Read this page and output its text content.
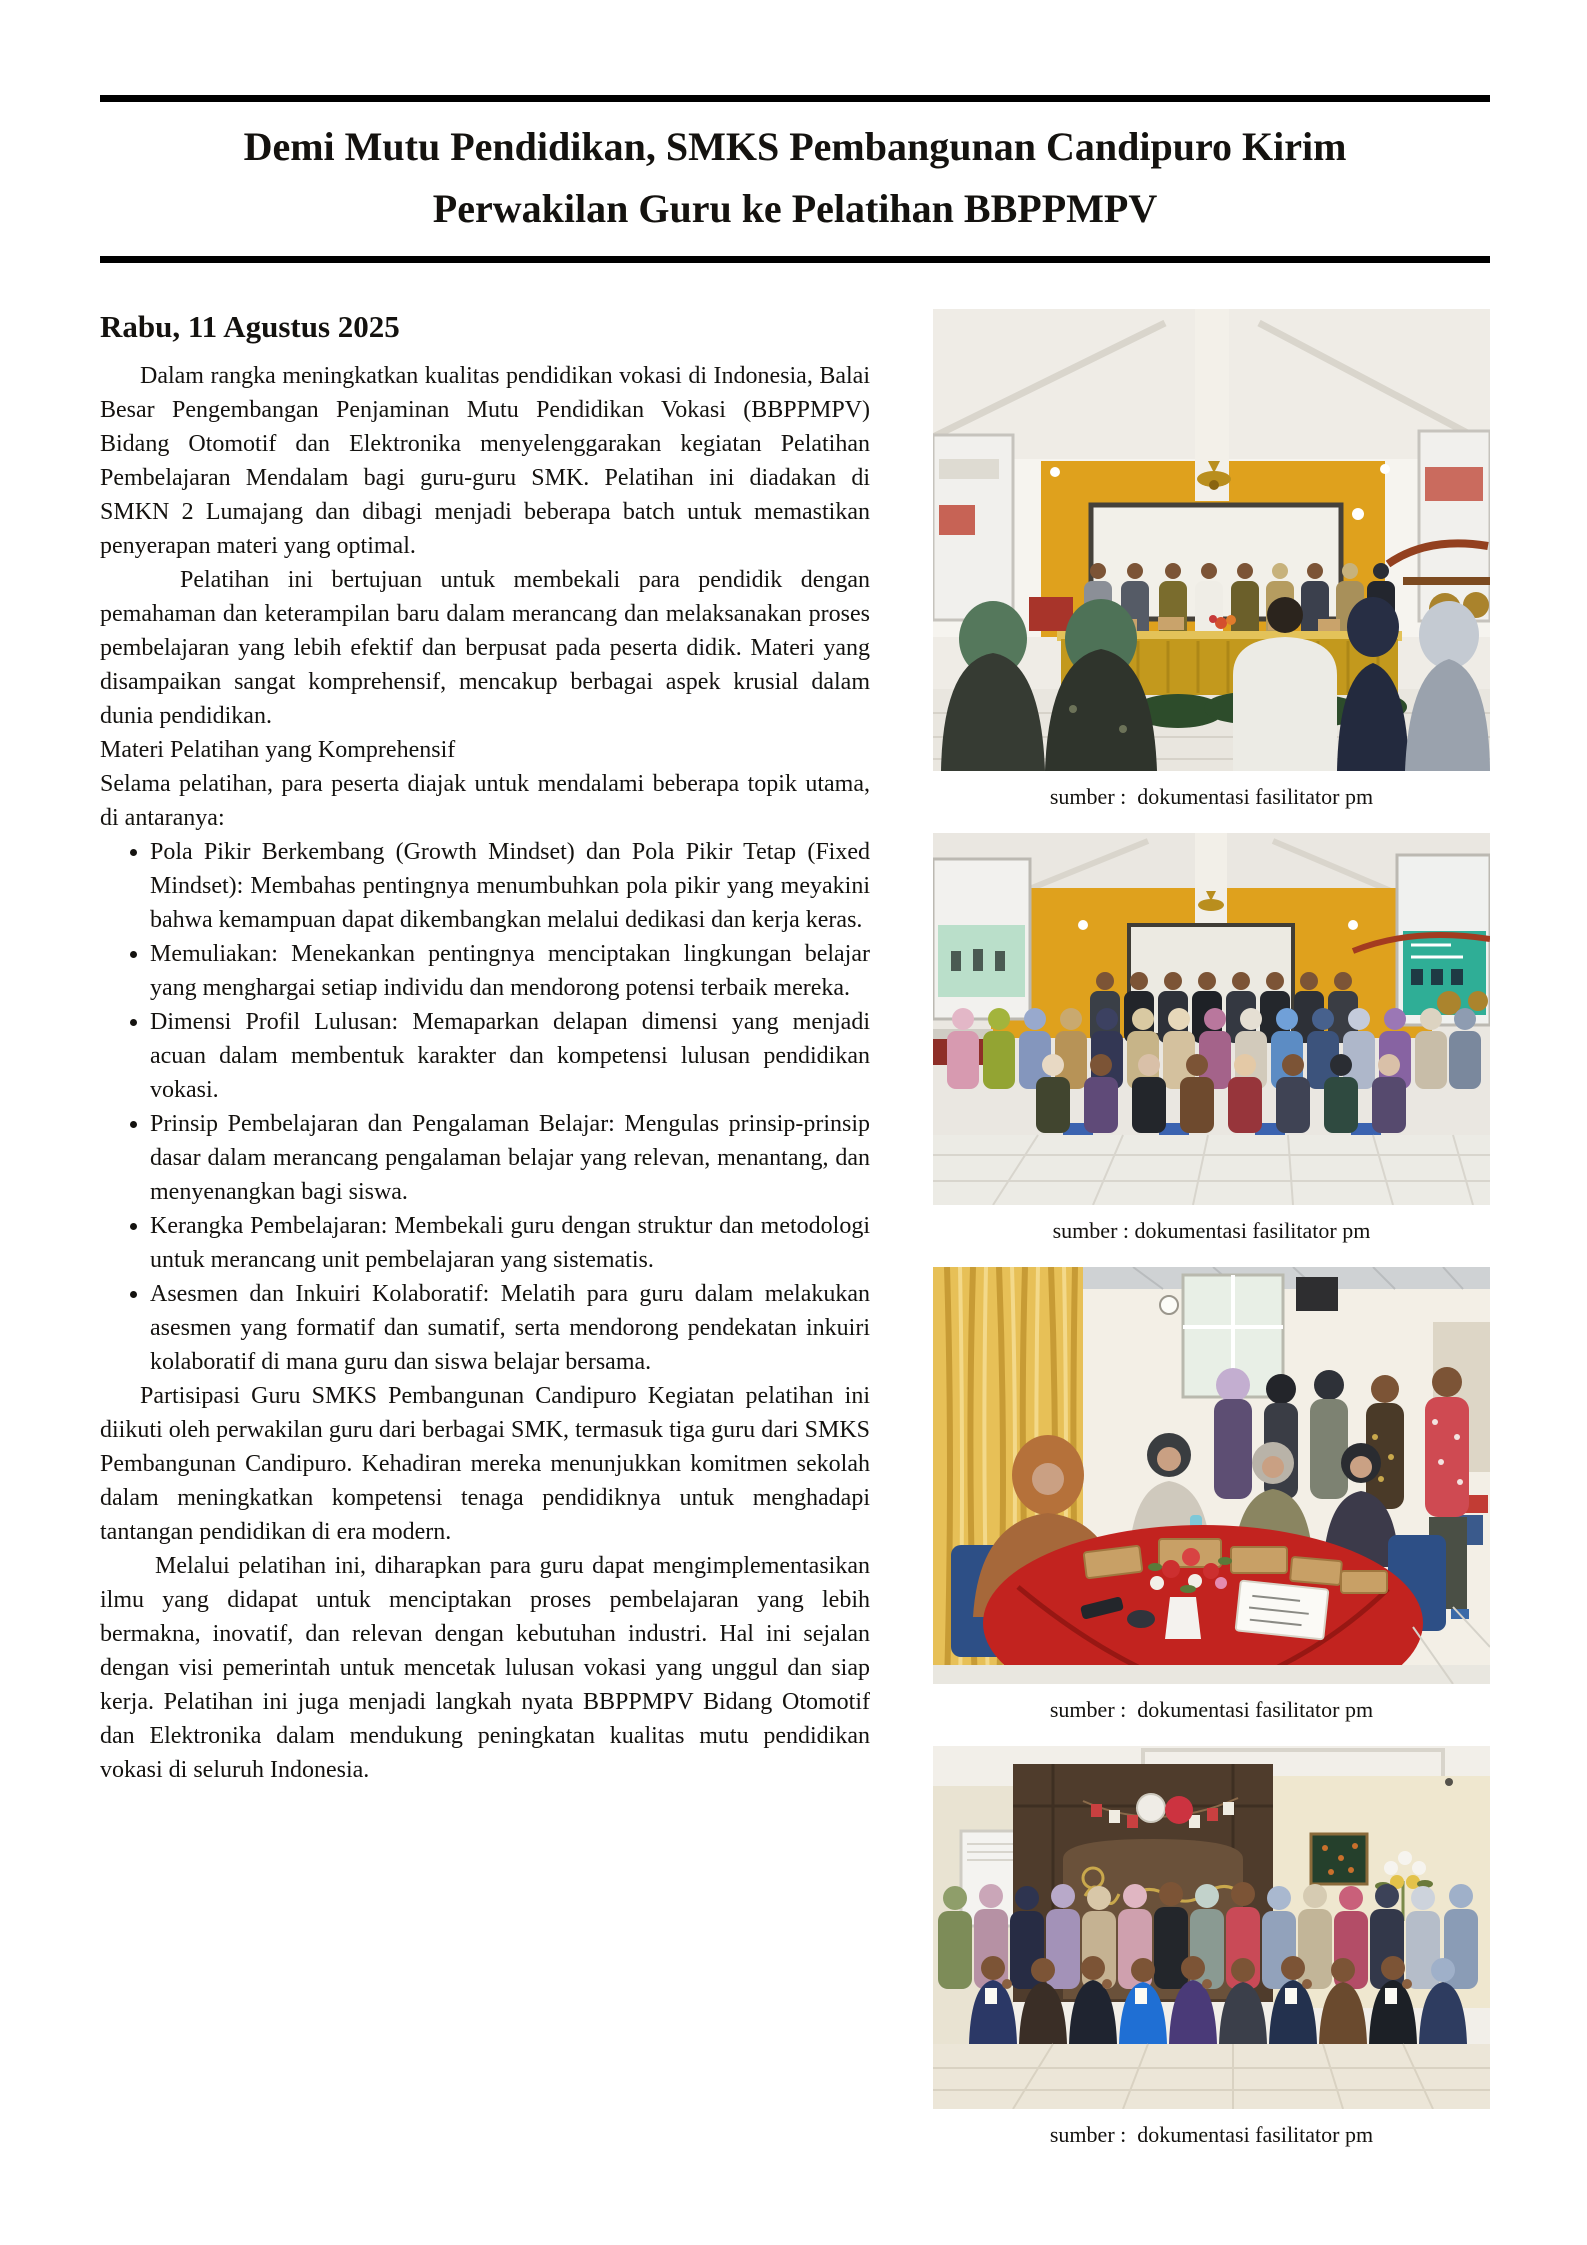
Demi Mutu Pendidikan, SMKS Pembangunan Candipuro Kirim Perwakilan Guru ke Pelatihan BBPPMPV
Rabu, 11 Agustus 2025

Dalam rangka meningkatkan kualitas pendidikan vokasi di Indonesia, Balai Besar Pengembangan Penjaminan Mutu Pendidikan Vokasi (BBPPMPV) Bidang Otomotif dan Elektronika menyelenggarakan kegiatan Pelatihan Pembelajaran Mendalam bagi guru-guru SMK. Pelatihan ini diadakan di SMKN 2 Lumajang dan dibagi menjadi beberapa batch untuk memastikan penyerapan materi yang optimal.

Pelatihan ini bertujuan untuk membekali para pendidik dengan pemahaman dan keterampilan baru dalam merancang dan melaksanakan proses pembelajaran yang lebih efektif dan berpusat pada peserta didik. Materi yang disampaikan sangat komprehensif, mencakup berbagai aspek krusial dalam dunia pendidikan.

Materi Pelatihan yang Komprehensif

Selama pelatihan, para peserta diajak untuk mendalami beberapa topik utama, di antaranya:

• Pola Pikir Berkembang (Growth Mindset) dan Pola Pikir Tetap (Fixed Mindset): Membahas pentingnya menumbuhkan pola pikir yang meyakini bahwa kemampuan dapat dikembangkan melalui dedikasi dan kerja keras.
• Memuliakan: Menekankan pentingnya menciptakan lingkungan belajar yang menghargai setiap individu dan mendorong potensi terbaik mereka.
• Dimensi Profil Lulusan: Memaparkan delapan dimensi yang menjadi acuan dalam membentuk karakter dan kompetensi lulusan pendidikan vokasi.
• Prinsip Pembelajaran dan Pengalaman Belajar: Mengulas prinsip-prinsip dasar dalam merancang pengalaman belajar yang relevan, menantang, dan menyenangkan bagi siswa.
• Kerangka Pembelajaran: Membekali guru dengan struktur dan metodologi untuk merancang unit pembelajaran yang sistematis.
• Asesmen dan Inkuiri Kolaboratif: Melatih para guru dalam melakukan asesmen yang formatif dan sumatif, serta mendorong pendekatan inkuiri kolaboratif di mana guru dan siswa belajar bersama.

Partisipasi Guru SMKS Pembangunan Candipuro Kegiatan pelatihan ini diikuti oleh perwakilan guru dari berbagai SMK, termasuk tiga guru dari SMKS Pembangunan Candipuro. Kehadiran mereka menunjukkan komitmen sekolah dalam meningkatkan kompetensi tenaga pendidiknya untuk menghadapi tantangan pendidikan di era modern.

Melalui pelatihan ini, diharapkan para guru dapat mengimplementasikan ilmu yang didapat untuk menciptakan proses pembelajaran yang lebih bermakna, inovatif, dan relevan dengan kebutuhan industri. Hal ini sejalan dengan visi pemerintah untuk mencetak lulusan vokasi yang unggul dan siap kerja. Pelatihan ini juga menjadi langkah nyata BBPPMPV Bidang Otomotif dan Elektronika dalam mendukung peningkatan kualitas mutu pendidikan vokasi di seluruh Indonesia.

sumber :  dokumentasi fasilitator pm
sumber : dokumentasi fasilitator pm
sumber :  dokumentasi fasilitator pm
sumber :  dokumentasi fasilitator pm
